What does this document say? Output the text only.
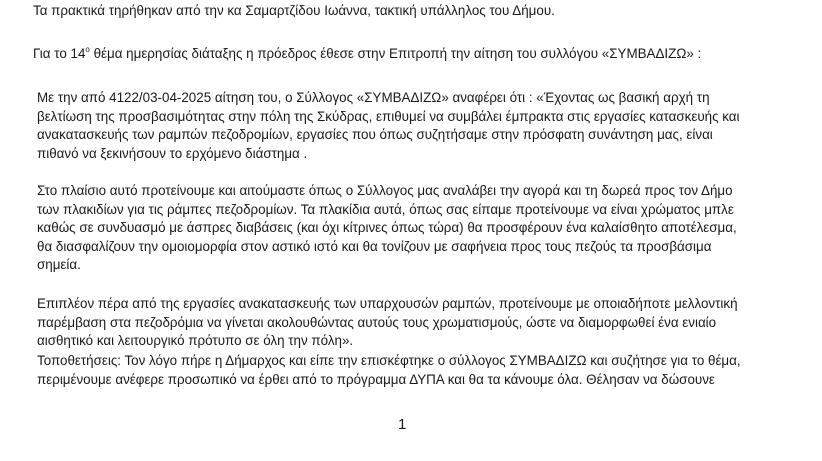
Τα πρακτικά τηρήθηκαν από την κα Σαμαρτζίδου Ιωάννα, τακτική υπάλληλος του Δήμου.

Για το $14^o$ θέμα ημερησίας διάταξης η πρόεδρος έθεσε στην Επιτροπή την αίτηση του συλλόγου «ΣΥΜΒΑΔΙΖΩ» :

Με την από 4122/03-04-2025 αίτηση του, ο Σύλλογος «ΣΥΜΒΑΔΙΖΩ» αναφέρει ότι : «Έχοντας ως βασική αρχή τη
βελτίωση της προσβασιμότητας στην πόλη της Σκύδρας, επιθυμεί να συμβάλει έμπρακτα στις εργασίες κατασκευής και
ανακατασκευής των ραμπών πεζοδρομίων, εργασίες που όπως συζητήσαμε στην πρόσφατη συνάντηση μας, είναι
πιθανό να ξεκινήσουν το ερχόμενο διάστημα .

Στο πλαίσιο αυτό προτείνουμε και αιτούμαστε όπως ο Σύλλογος μας αναλάβει την αγορά και τη δωρεά προς τον Δήμο
των πλακιδίων για τις ράμπες πεζοδρομίων. Τα πλακίδια αυτά, όπως σας είπαμε προτείνουμε να είναι χρώματος μπλε
καθώς σε συνδυασμό με άσπρες διαβάσεις (και όχι κίτρινες όπως τώρα) θα προσφέρουν ένα καλαίσθητο αποτέλεσμα,
θα διασφαλίζουν την ομοιομορφία στον αστικό ιστό και θα τονίζουν με σαφήνεια προς τους πεζούς τα προσβάσιμα
σημεία.

Επιπλέον πέρα από της εργασίες ανακατασκευής των υπαρχουσών ραμπών, προτείνουμε με οποιαδήποτε μελλοντική
παρέμβαση στα πεζοδρόμια να γίνεται ακολουθώντας αυτούς τους χρωματισμούς, ώστε να διαμορφωθεί ένα ενιαίο
αισθητικό και λειτουργικό πρότυπο σε όλη την πόλη».

Τοποθετήσεις: Τον λόγο πήρε η Δήμαρχος και είπε την επισκέφτηκε ο σύλλογος ΣΥΜΒΑΔΙΖΩ και συζήτησε για το θέμα,
περιμένουμε ανέφερε προσωπικό να έρθει από το πρόγραμμα ΔΥΠΑ και θα τα κάνουμε όλα. Θέλησαν να δώσουνε

1
